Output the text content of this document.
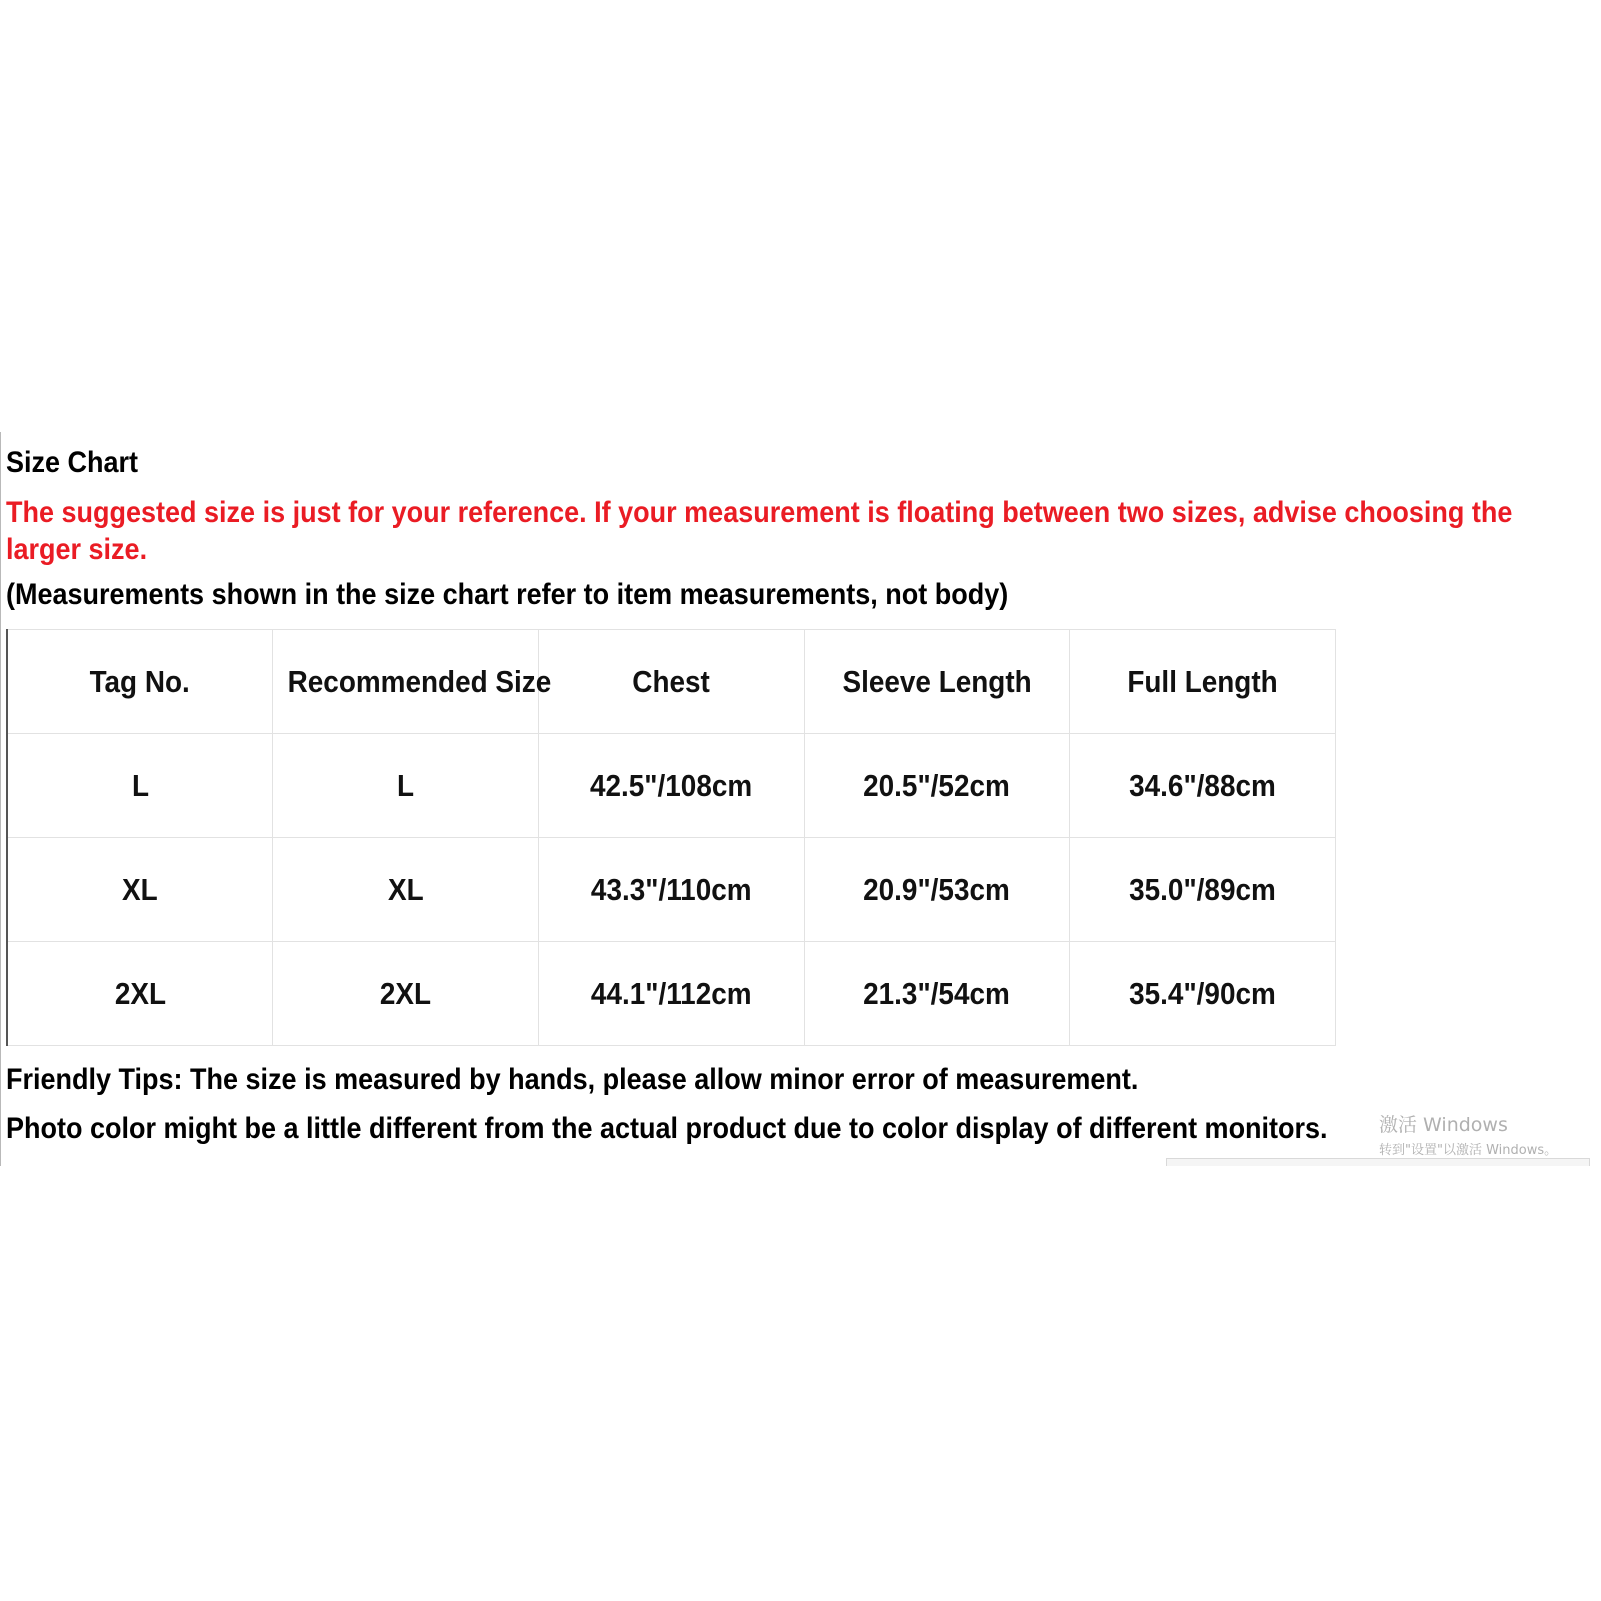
Size Chart
The suggested size is just for your reference. If your measurement is floating between two sizes, advise choosing the larger size.
(Measurements shown in the size chart refer to item measurements, not body)
Tag No.	Recommended Size	Chest	Sleeve Length	Full Length
L	L	42.5"/108cm	20.5"/52cm	34.6"/88cm
XL	XL	43.3"/110cm	20.9"/53cm	35.0"/89cm
2XL	2XL	44.1"/112cm	21.3"/54cm	35.4"/90cm
Friendly Tips: The size is measured by hands, please allow minor error of measurement.
Photo color might be a little different from the actual product due to color display of different monitors.	激活 Windows
转到"设置"以激活 Windows。
